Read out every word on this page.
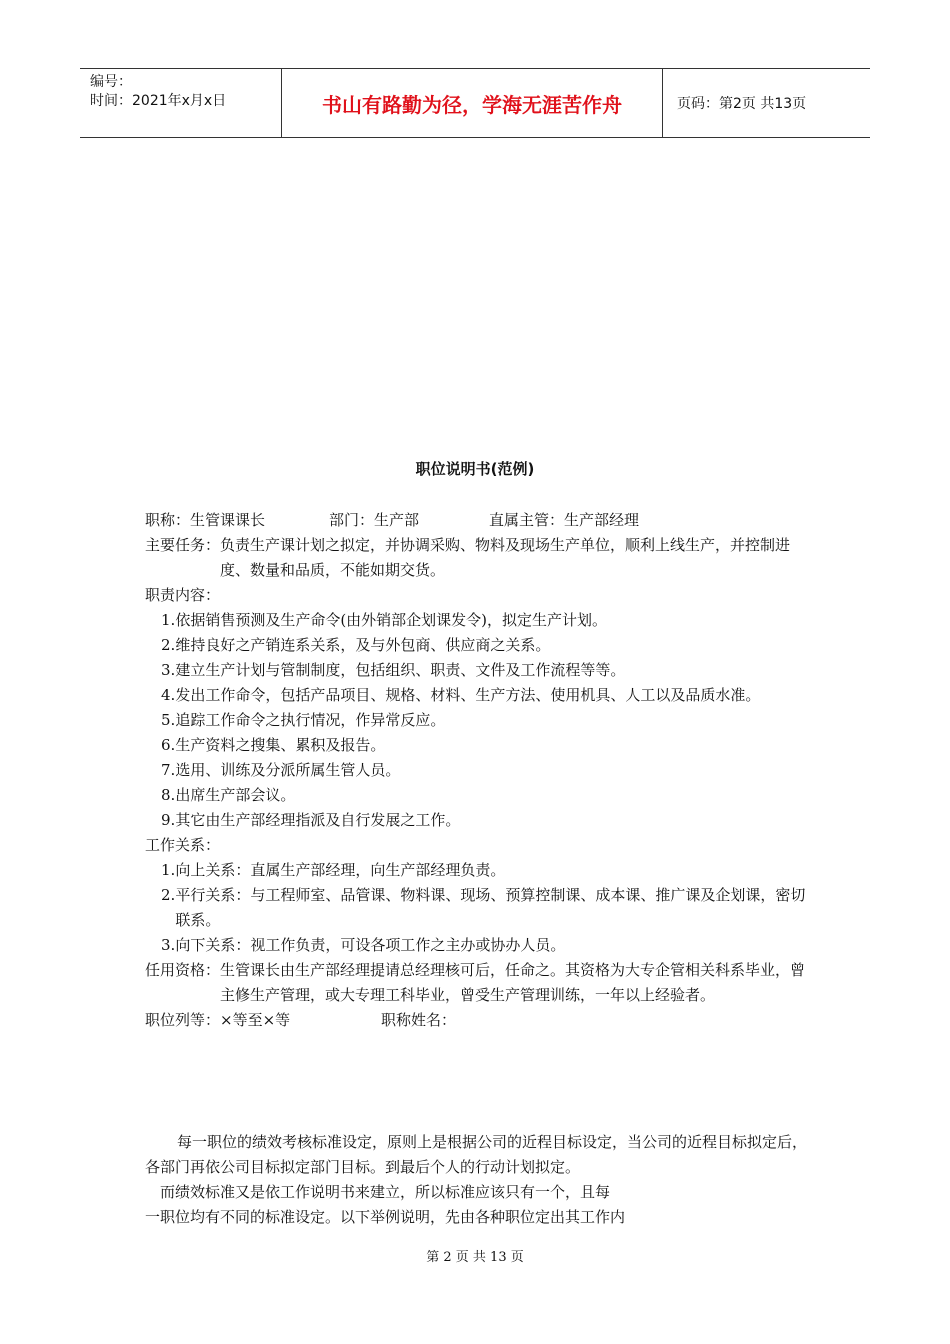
编号：
时间：2021年x月x日	书山有路勤为径，学海无涯苦作舟	页码：第2页 共13页
职位说明书(范例)
职称：生管课课长	部门：生产部	直属主管：生产部经理
主要任务： 负责生产课计划之拟定，并协调采购、物料及现场生产单位，顺利上线生产，并控制进度、数量和品质，不能如期交货。
职责内容：
1. 依据销售预测及生产命令(由外销部企划课发令)，拟定生产计划。
2. 维持良好之产销连系关系，及与外包商、供应商之关系。
3. 建立生产计划与管制制度，包括组织、职责、文件及工作流程等等。
4. 发出工作命令，包括产品项目、规格、材料、生产方法、使用机具、人工以及品质水准。
5. 追踪工作命令之执行情况，作异常反应。
6. 生产资料之搜集、累积及报告。
7. 选用、训练及分派所属生管人员。
8. 出席生产部会议。
9. 其它由生产部经理指派及自行发展之工作。
工作关系：
1. 向上关系：直属生产部经理，向生产部经理负责。
2. 平行关系：与工程师室、品管课、物料课、现场、预算控制课、成本课、推广课及企划课，密切联系。
3. 向下关系：视工作负责，可设各项工作之主办或协办人员。
任用资格： 生管课长由生产部经理提请总经理核可后，任命之。其资格为大专企管相关科系毕业，曾主修生产管理，或大专理工科毕业，曾受生产管理训练，一年以上经验者。
职位列等：×等至×等	职称姓名：
每一职位的绩效考核标准设定，原则上是根据公司的近程目标设定，当公司的近程目标拟定后，各部门再依公司目标拟定部门目标。到最后个人的行动计划拟定。
而绩效标准又是依工作说明书来建立，所以标准应该只有一个，且每
一职位均有不同的标准设定。以下举例说明，先由各种职位定出其工作内
第 2 页 共 13 页
